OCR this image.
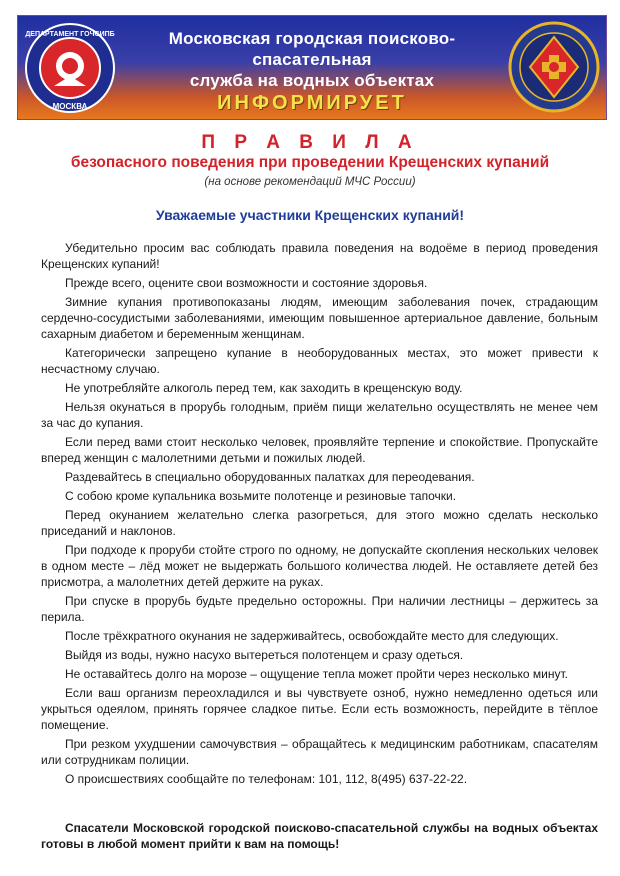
ДЕПАРТАМЕНТ ГОЧСИПБ
МОСКВА
Московская городская поисково-спасательная
служба на водных объектах
ИНФОРМИРУЕТ
П Р А В И Л А
безопасного поведения при проведении Крещенских купаний
(на основе рекомендаций МЧС России)
Уважаемые участники Крещенских купаний!

Убедительно просим вас соблюдать правила поведения на водоёме в период проведения Крещенских купаний!

Прежде всего, оцените свои возможности и состояние здоровья.

Зимние купания противопоказаны людям, имеющим заболевания почек, страдающим сердечно-сосудистыми заболеваниями, имеющим повышенное артериальное давление, больным сахарным диабетом и беременным женщинам.

Категорически запрещено купание в необорудованных местах, это может привести к несчастному случаю.

Не употребляйте алкоголь перед тем, как заходить в крещенскую воду.

Нельзя окунаться в прорубь голодным, приём пищи желательно осуществлять не менее чем за час до купания.

Если перед вами стоит несколько человек, проявляйте терпение и спокойствие. Пропускайте вперед женщин с малолетними детьми и пожилых людей.

Раздевайтесь в специально оборудованных палатках для переодевания.

С собою кроме купальника возьмите полотенце и резиновые тапочки.

Перед окунанием желательно слегка разогреться, для этого можно сделать несколько приседаний и наклонов.

При подходе к проруби стойте строго по одному, не допускайте скопления нескольких человек в одном месте – лёд может не выдержать большого количества людей. Не оставляете детей без присмотра, а малолетних детей держите на руках.

При спуске в прорубь будьте предельно осторожны. При наличии лестницы – держитесь за перила.

После трёхкратного окунания не задерживайтесь, освобождайте место для следующих.

Выйдя из воды, нужно насухо вытереться полотенцем и сразу одеться.

Не оставайтесь долго на морозе – ощущение тепла может пройти через несколько минут.

Если ваш организм переохладился и вы чувствуете озноб, нужно немедленно одеться или укрыться одеялом, принять горячее сладкое питье. Если есть возможность, перейдите в тёплое помещение.

При резком ухудшении самочувствия – обращайтесь к медицинским работникам, спасателям или сотрудникам полиции.

О происшествиях сообщайте по телефонам: 101, 112, 8(495) 637-22-22.

Спасатели Московской городской поисково-спасательной службы на водных объектах готовы в любой момент прийти к вам на помощь!
